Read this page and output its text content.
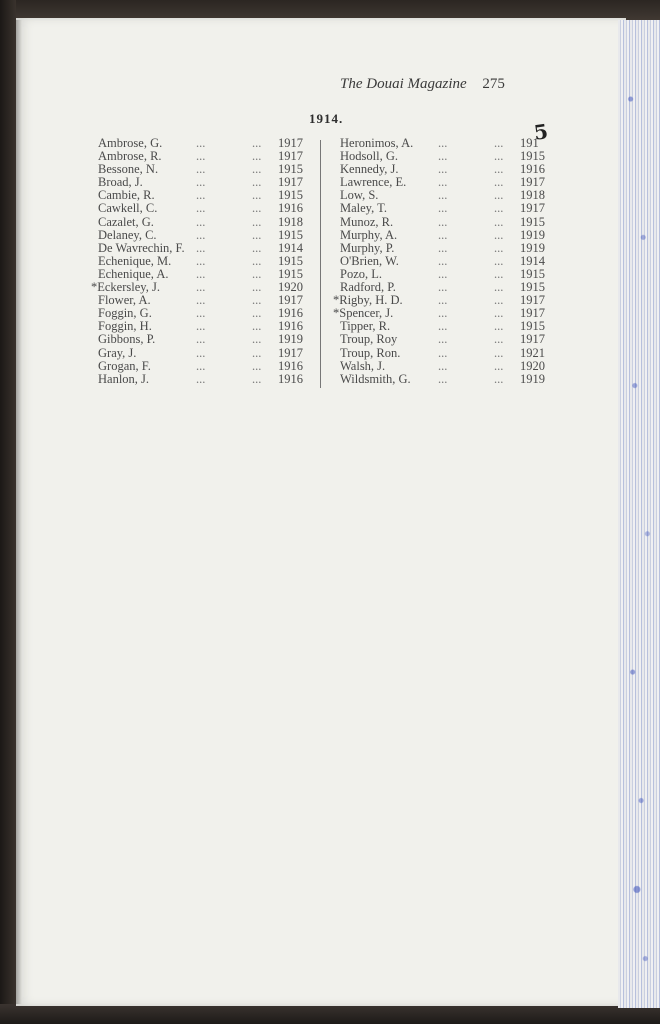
The Douai Magazine 275
1914.
Ambrose, G.	...	... 1917
Ambrose, R.	...	... 1917
Bessone, N.	...	... 1915
Broad, J.	...	... 1917
Cambie, R.	...	... 1915
Cawkell, C.	...	... 1916
Cazalet, G.	...	... 1918
Delaney, C.	...	... 1915
De Wavrechin, F. ...	... 1914
Echenique, M. ...	... 1915
Echenique, A. ...	... 1915
*Eckersley, J.	...	... 1920
Flower, A.	...	... 1917
Foggin, G.	...	... 1916
Foggin, H.	...	... 1916
Gibbons, P.	...	... 1919
Gray, J.	...	... 1917
Grogan, F.	...	... 1916
Hanlon, J.	...	... 1916
Heronimos, A. ...	... 191
Hodsoll, G.	...	... 1915
Kennedy, J.	...	... 1916
Lawrence, E.	...	... 1917
Low, S.	...	... 1918
Maley, T.	...	... 1917
Munoz, R.	...	... 1915
Murphy, A.	...	... 1919
Murphy, P.	...	... 1919
O'Brien, W.	...	... 1914
Pozo, L.	...	... 1915
Radford, P.	...	... 1915
*Rigby, H. D.	...	... 1917
*Spencer, J.	...	... 1917
Tipper, R.	...	... 1915
Troup, Roy	...	... 1917
Troup, Ron.	...	... 1921
Walsh, J.	...	... 1920
Wildsmith, G. ...	... 1919
5
